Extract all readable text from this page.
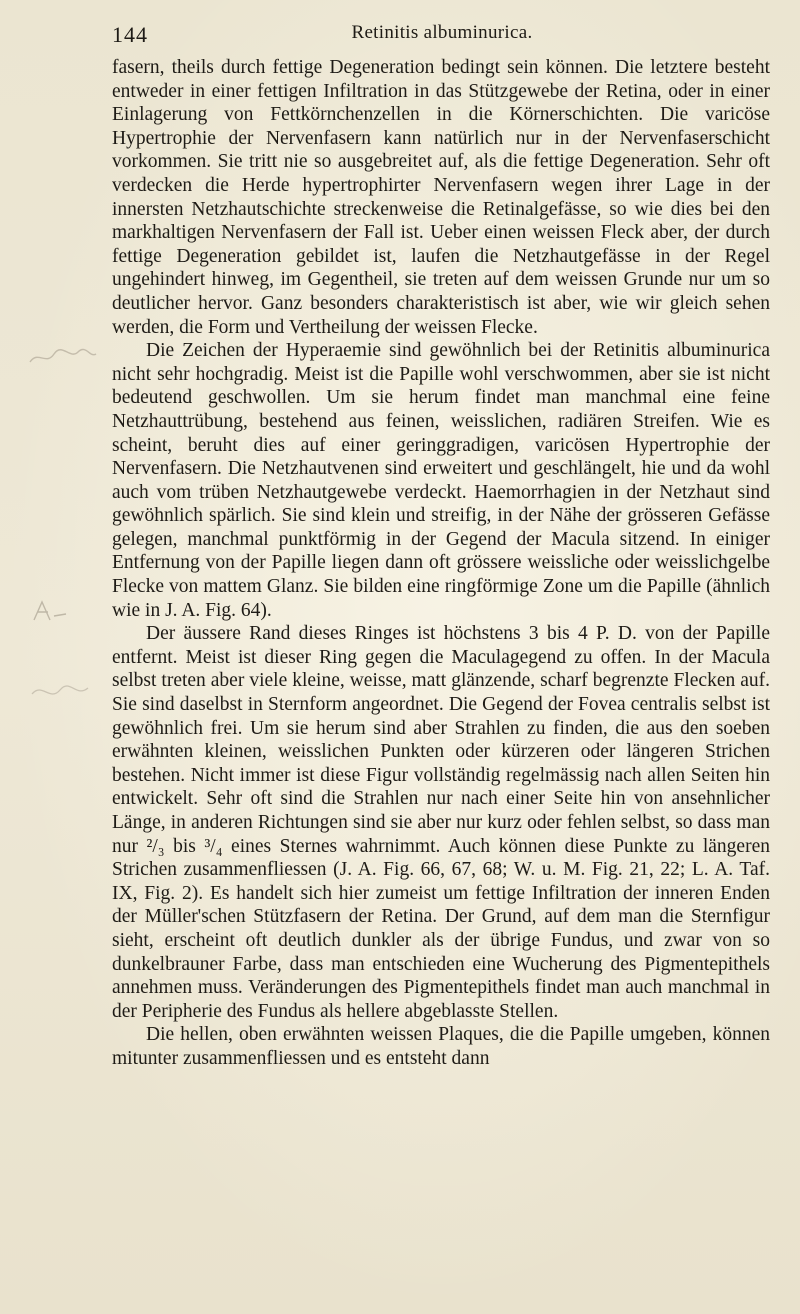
144	Retinitis albuminurica.

fasern, theils durch fettige Degeneration bedingt sein können. Die letztere besteht entweder in einer fettigen Infiltration in das Stützgewebe der Retina, oder in einer Einlagerung von Fettkörnchenzellen in die Körnerschichten. Die varicöse Hypertrophie der Nervenfasern kann natürlich nur in der Nervenfaserschicht vorkommen. Sie tritt nie so ausgebreitet auf, als die fettige Degeneration. Sehr oft verdecken die Herde hypertrophirter Nervenfasern wegen ihrer Lage in der innersten Netzhautschichte streckenweise die Retinalgefässe, so wie dies bei den markhaltigen Nervenfasern der Fall ist. Ueber einen weissen Fleck aber, der durch fettige Degeneration gebildet ist, laufen die Netzhautgefässe in der Regel ungehindert hinweg, im Gegentheil, sie treten auf dem weissen Grunde nur um so deutlicher hervor. Ganz besonders charakteristisch ist aber, wie wir gleich sehen werden, die Form und Vertheilung der weissen Flecke.

Die Zeichen der Hyperaemie sind gewöhnlich bei der Retinitis albuminurica nicht sehr hochgradig. Meist ist die Papille wohl verschwommen, aber sie ist nicht bedeutend geschwollen. Um sie herum findet man manchmal eine feine Netzhauttrübung, bestehend aus feinen, weisslichen, radiären Streifen. Wie es scheint, beruht dies auf einer geringgradigen, varicösen Hypertrophie der Nervenfasern. Die Netzhautvenen sind erweitert und geschlängelt, hie und da wohl auch vom trüben Netzhautgewebe verdeckt. Haemorrhagien in der Netzhaut sind gewöhnlich spärlich. Sie sind klein und streifig, in der Nähe der grösseren Gefässe gelegen, manchmal punktförmig in der Gegend der Macula sitzend. In einiger Entfernung von der Papille liegen dann oft grössere weissliche oder weisslichgelbe Flecke von mattem Glanz. Sie bilden eine ringförmige Zone um die Papille (ähnlich wie in J. A. Fig. 64).

Der äussere Rand dieses Ringes ist höchstens 3 bis 4 P. D. von der Papille entfernt. Meist ist dieser Ring gegen die Maculagegend zu offen. In der Macula selbst treten aber viele kleine, weisse, matt glänzende, scharf begrenzte Flecken auf. Sie sind daselbst in Sternform angeordnet. Die Gegend der Fovea centralis selbst ist gewöhnlich frei. Um sie herum sind aber Strahlen zu finden, die aus den soeben erwähnten kleinen, weisslichen Punkten oder kürzeren oder längeren Strichen bestehen. Nicht immer ist diese Figur vollständig regelmässig nach allen Seiten hin entwickelt. Sehr oft sind die Strahlen nur nach einer Seite hin von ansehnlicher Länge, in anderen Richtungen sind sie aber nur kurz oder fehlen selbst, so dass man nur ²/₃ bis ³/₄ eines Sternes wahrnimmt. Auch können diese Punkte zu längeren Strichen zusammenfliessen (J. A. Fig. 66, 67, 68; W. u. M. Fig. 21, 22; L. A. Taf. IX, Fig. 2). Es handelt sich hier zumeist um fettige Infiltration der inneren Enden der Müller'schen Stützfasern der Retina. Der Grund, auf dem man die Sternfigur sieht, erscheint oft deutlich dunkler als der übrige Fundus, und zwar von so dunkelbrauner Farbe, dass man entschieden eine Wucherung des Pigmentepithels annehmen muss. Veränderungen des Pigmentepithels findet man auch manchmal in der Peripherie des Fundus als hellere abgeblasste Stellen.

Die hellen, oben erwähnten weissen Plaques, die die Papille umgeben, können mitunter zusammenfliessen und es entsteht dann
